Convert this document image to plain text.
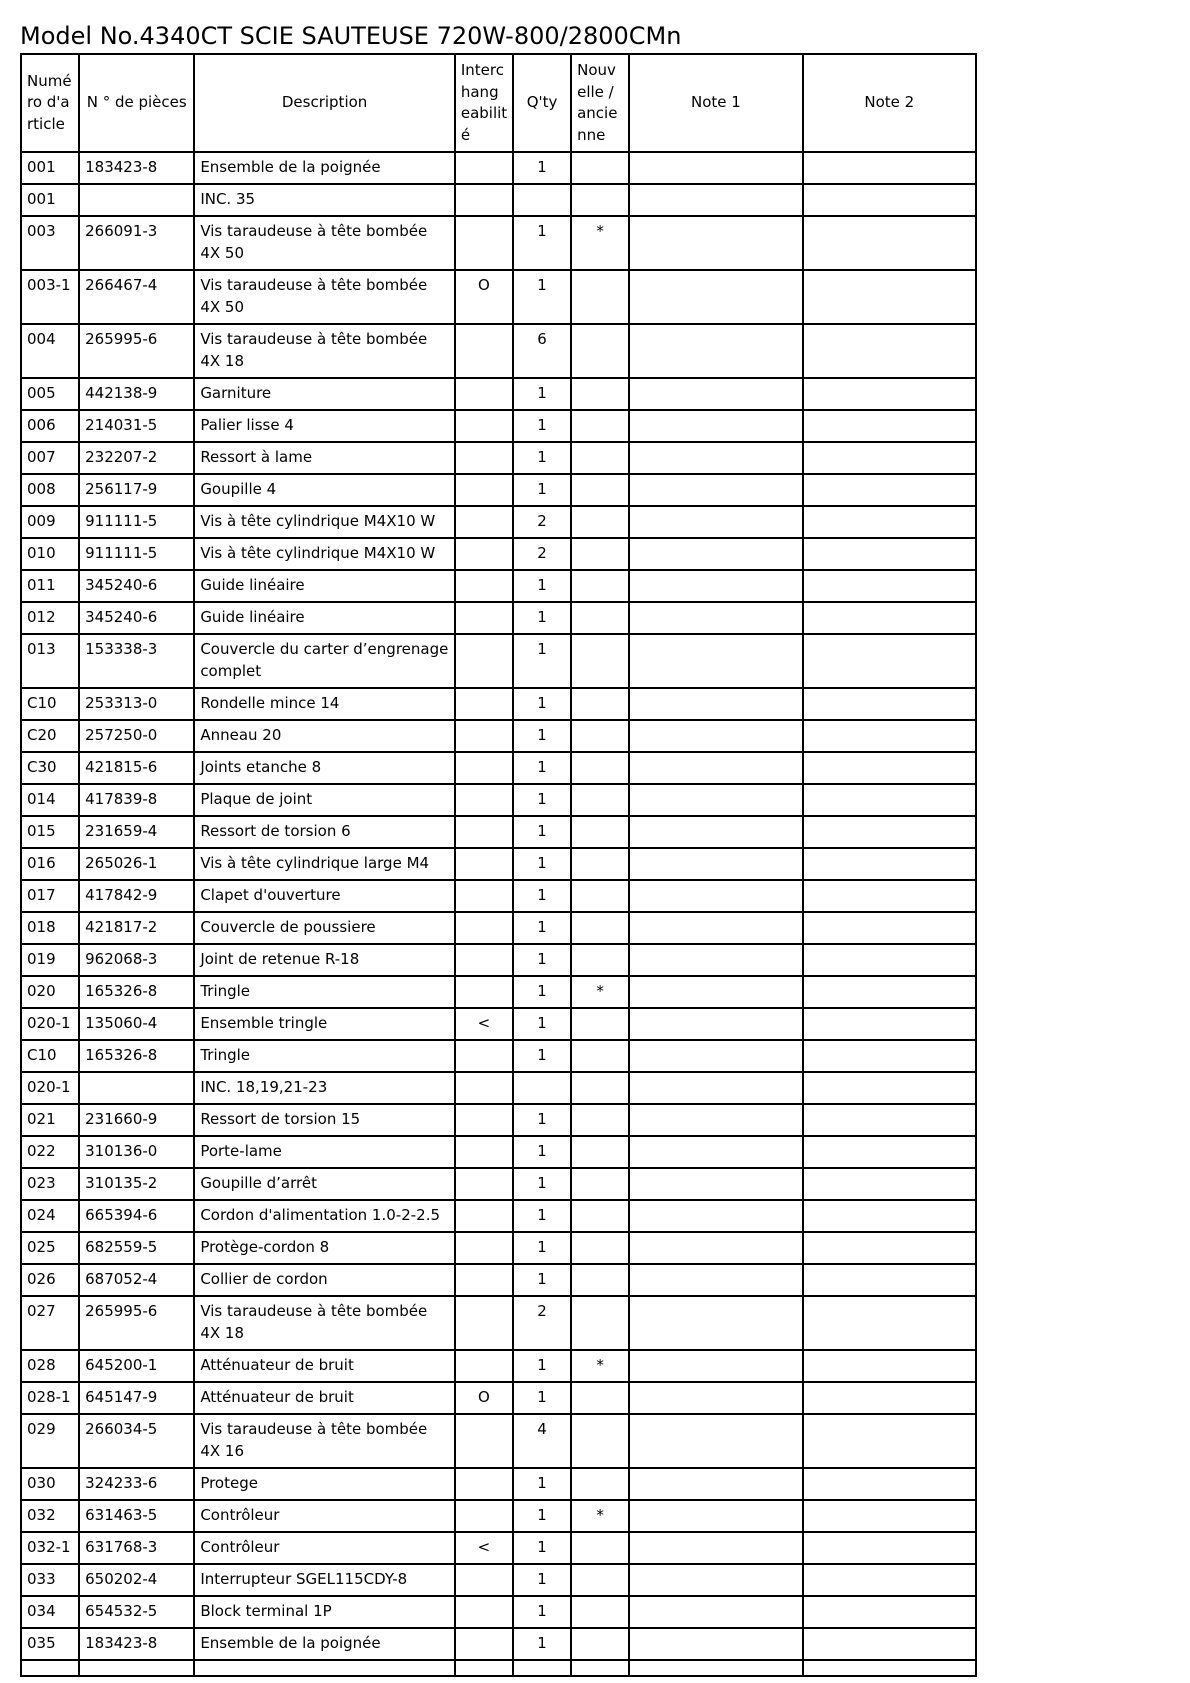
Model No.4340CT SCIE SAUTEUSE 720W-800/2800CMn
Numé ro d'a rticle	N ° de pièces	Description	Interc hang eabilit é	Q'ty	Nouv elle / ancie nne	Note 1	Note 2
001	183423-8	Ensemble de la poignée		1			
001		INC. 35					
003	266091-3	Vis taraudeuse à tête bombée 4X 50		1	*		
003-1	266467-4	Vis taraudeuse à tête bombée 4X 50	O	1			
004	265995-6	Vis taraudeuse à tête bombée 4X 18		6			
005	442138-9	Garniture		1			
006	214031-5	Palier lisse 4		1			
007	232207-2	Ressort à lame		1			
008	256117-9	Goupille 4		1			
009	911111-5	Vis à tête cylindrique M4X10 W		2			
010	911111-5	Vis à tête cylindrique M4X10 W		2			
011	345240-6	Guide linéaire		1			
012	345240-6	Guide linéaire		1			
013	153338-3	Couvercle du carter d’engrenage complet		1			
C10	253313-0	Rondelle mince 14		1			
C20	257250-0	Anneau 20		1			
C30	421815-6	Joints etanche 8		1			
014	417839-8	Plaque de joint		1			
015	231659-4	Ressort de torsion 6		1			
016	265026-1	Vis à tête cylindrique large M4		1			
017	417842-9	Clapet d'ouverture		1			
018	421817-2	Couvercle de poussiere		1			
019	962068-3	Joint de retenue R-18		1			
020	165326-8	Tringle		1	*		
020-1	135060-4	Ensemble tringle	<	1			
C10	165326-8	Tringle		1			
020-1		INC. 18,19,21-23					
021	231660-9	Ressort de torsion 15		1			
022	310136-0	Porte-lame		1			
023	310135-2	Goupille d’arrêt		1			
024	665394-6	Cordon d'alimentation 1.0-2-2.5		1			
025	682559-5	Protège-cordon 8		1			
026	687052-4	Collier de cordon		1			
027	265995-6	Vis taraudeuse à tête bombée 4X 18		2			
028	645200-1	Atténuateur de bruit		1	*		
028-1	645147-9	Atténuateur de bruit	O	1			
029	266034-5	Vis taraudeuse à tête bombée 4X 16		4			
030	324233-6	Protege		1			
032	631463-5	Contrôleur		1	*		
032-1	631768-3	Contrôleur	<	1			
033	650202-4	Interrupteur SGEL115CDY-8		1			
034	654532-5	Block terminal 1P		1			
035	183423-8	Ensemble de la poignée		1			
